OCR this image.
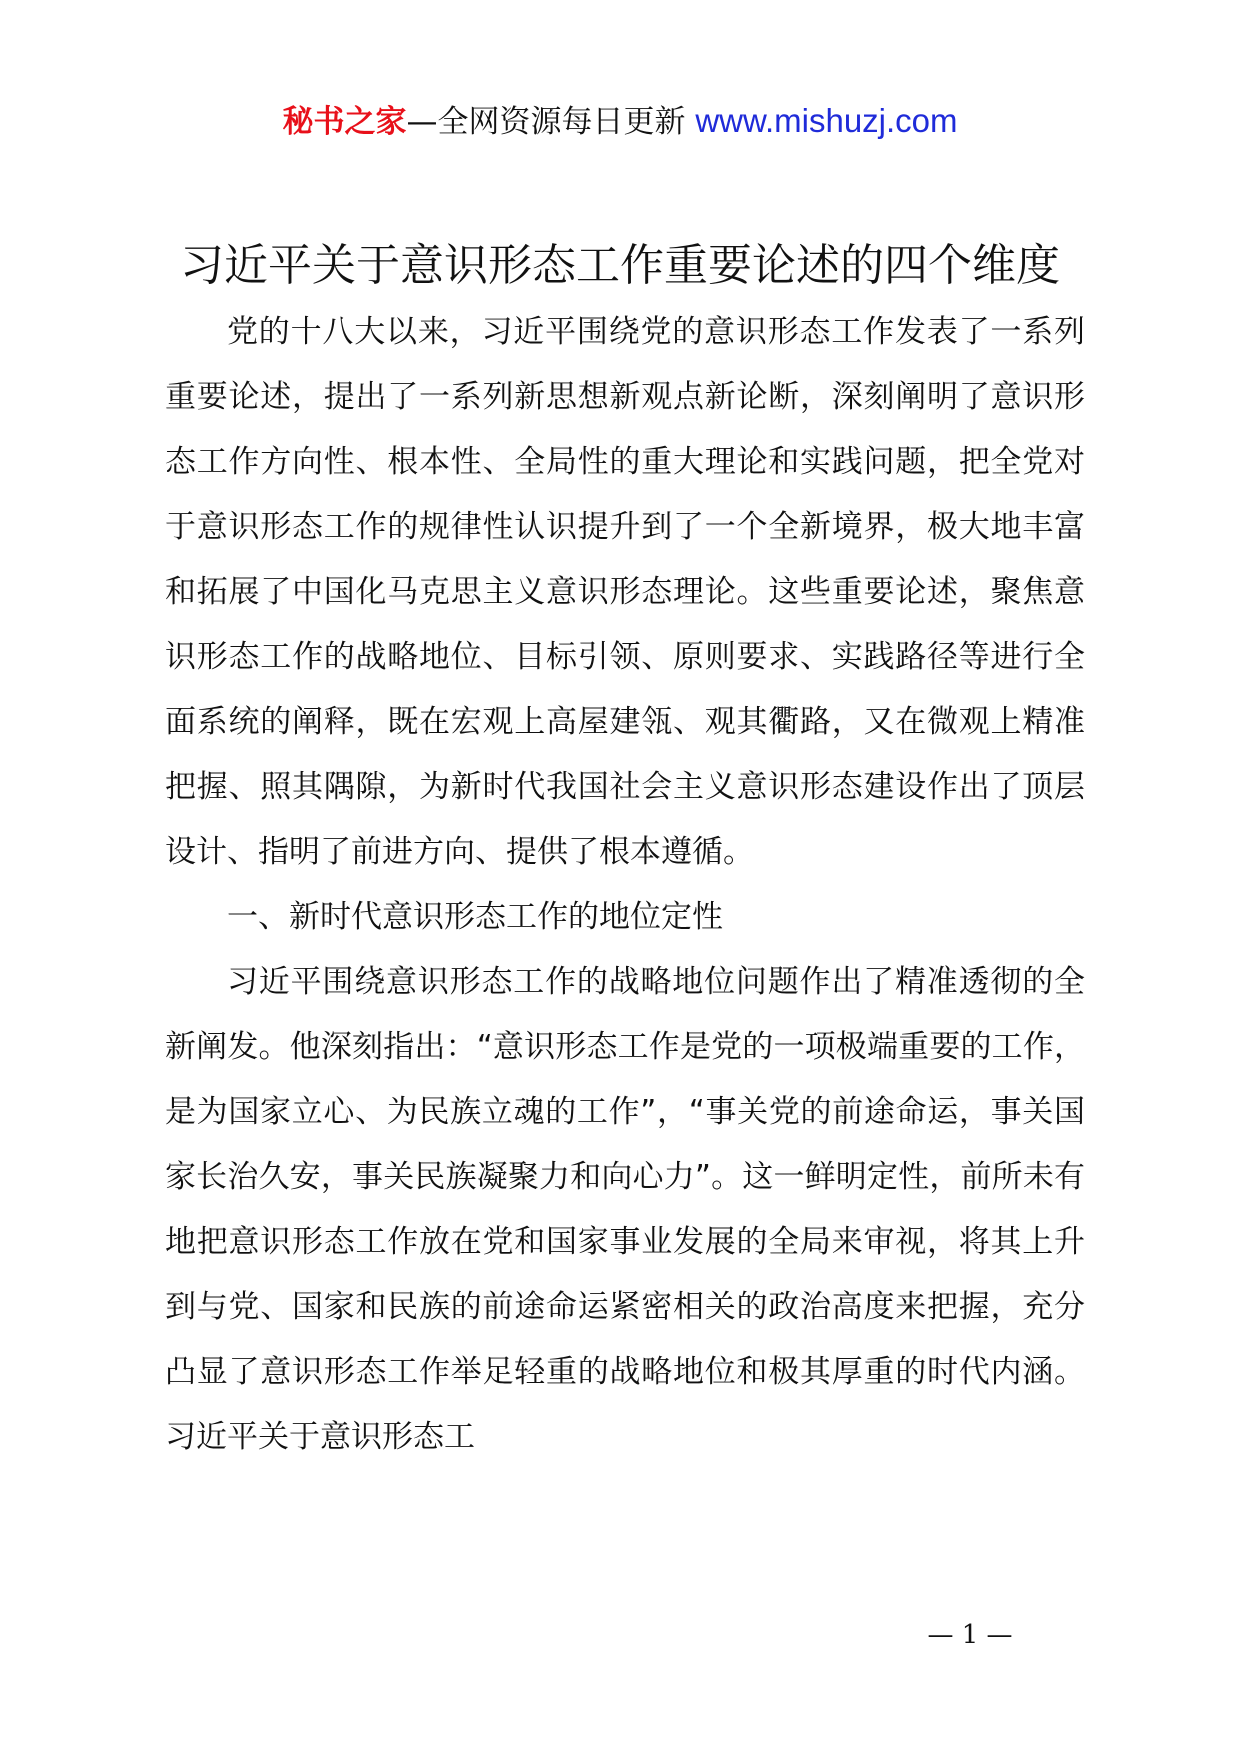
秘书之家—全网资源每日更新 www.mishuzj.com
习近平关于意识形态工作重要论述的四个维度

党的十八大以来，习近平围绕党的意识形态工作发表了一系列重要论述，提出了一系列新思想新观点新论断，深刻阐明了意识形态工作方向性、根本性、全局性的重大理论和实践问题，把全党对于意识形态工作的规律性认识提升到了一个全新境界，极大地丰富和拓展了中国化马克思主义意识形态理论。这些重要论述，聚焦意识形态工作的战略地位、目标引领、原则要求、实践路径等进行全面系统的阐释，既在宏观上高屋建瓴、观其衢路，又在微观上精准把握、照其隅隙，为新时代我国社会主义意识形态建设作出了顶层设计、指明了前进方向、提供了根本遵循。

一、新时代意识形态工作的地位定性

习近平围绕意识形态工作的战略地位问题作出了精准透彻的全新阐发。他深刻指出：“意识形态工作是党的一项极端重要的工作，是为国家立心、为民族立魂的工作”，“事关党的前途命运，事关国家长治久安，事关民族凝聚力和向心力”。这一鲜明定性，前所未有地把意识形态工作放在党和国家事业发展的全局来审视，将其上升到与党、国家和民族的前途命运紧密相关的政治高度来把握，充分凸显了意识形态工作举足轻重的战略地位和极其厚重的时代内涵。习近平关于意识形态工

— 1 —
